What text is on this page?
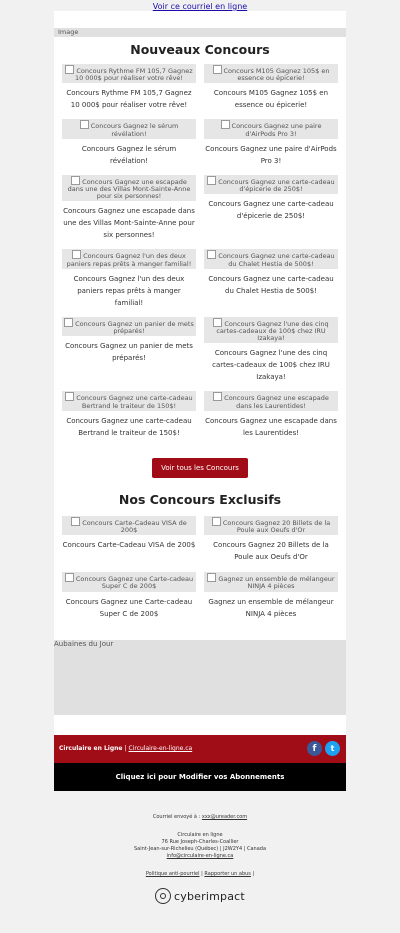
Voir ce courriel en ligne
Image
Nouveaux Concours
Concours Rythme FM 105,7 Gagnez 10 000$ pour réaliser votre rêve!
Concours Rythme FM 105,7 Gagnez 10 000$ pour réaliser votre rêve!
Concours M105 Gagnez 105$ en essence ou épicerie!
Concours M105 Gagnez 105$ en essence ou épicerie!
Concours Gagnez le sérum révélation!
Concours Gagnez le sérum révélation!
Concours Gagnez une paire d'AirPods Pro 3!
Concours Gagnez une paire d'AirPods Pro 3!
Concours Gagnez une escapade dans une des Villas Mont-Sainte-Anne pour six personnes!
Concours Gagnez une escapade dans une des Villas Mont-Sainte-Anne pour six personnes!
Concours Gagnez une carte-cadeau d'épicerie de 250$!
Concours Gagnez une carte-cadeau d'épicerie de 250$!
Concours Gagnez l'un des deux paniers repas prêts à manger familial!
Concours Gagnez l'un des deux paniers repas prêts à manger familial!
Concours Gagnez une carte-cadeau du Chalet Hestia de 500$!
Concours Gagnez une carte-cadeau du Chalet Hestia de 500$!
Concours Gagnez un panier de mets préparés!
Concours Gagnez un panier de mets préparés!
Concours Gagnez l'une des cinq cartes-cadeaux de 100$ chez IRU Izakaya!
Concours Gagnez l'une des cinq cartes-cadeaux de 100$ chez IRU Izakaya!
Concours Gagnez une carte-cadeau Bertrand le traiteur de 150$!
Concours Gagnez une carte-cadeau Bertrand le traiteur de 150$!
Concours Gagnez une escapade dans les Laurentides!
Concours Gagnez une escapade dans les Laurentides!
Voir tous les Concours
Nos Concours Exclusifs
Concours Carte-Cadeau VISA de 200$
Concours Carte-Cadeau VISA de 200$
Concours Gagnez 20 Billets de la Poule aux Oeufs d'Or
Concours Gagnez 20 Billets de la Poule aux Oeufs d'Or
Concours Gagnez une Carte-cadeau Super C de 200$
Concours Gagnez une Carte-cadeau Super C de 200$
Gagnez un ensemble de mélangeur NINJA 4 pièces
Gagnez un ensemble de mélangeur NINJA 4 pièces
Aubaines du Jour
Circulaire en Ligne | Circulaire-en-ligne.ca	f t
Cliquez ici pour Modifier vos Abonnements
Courriel envoyé à : xxx@ureader.com
Circulaire en ligne
76 Rue Joseph-Charles-Coallier
Saint-Jean-sur-Richelieu (Québec) | J2W2Y4 | Canada
info@circulaire-en-ligne.ca
Politique anti-pourriel | Rapporter un abus |
cyberimpact
